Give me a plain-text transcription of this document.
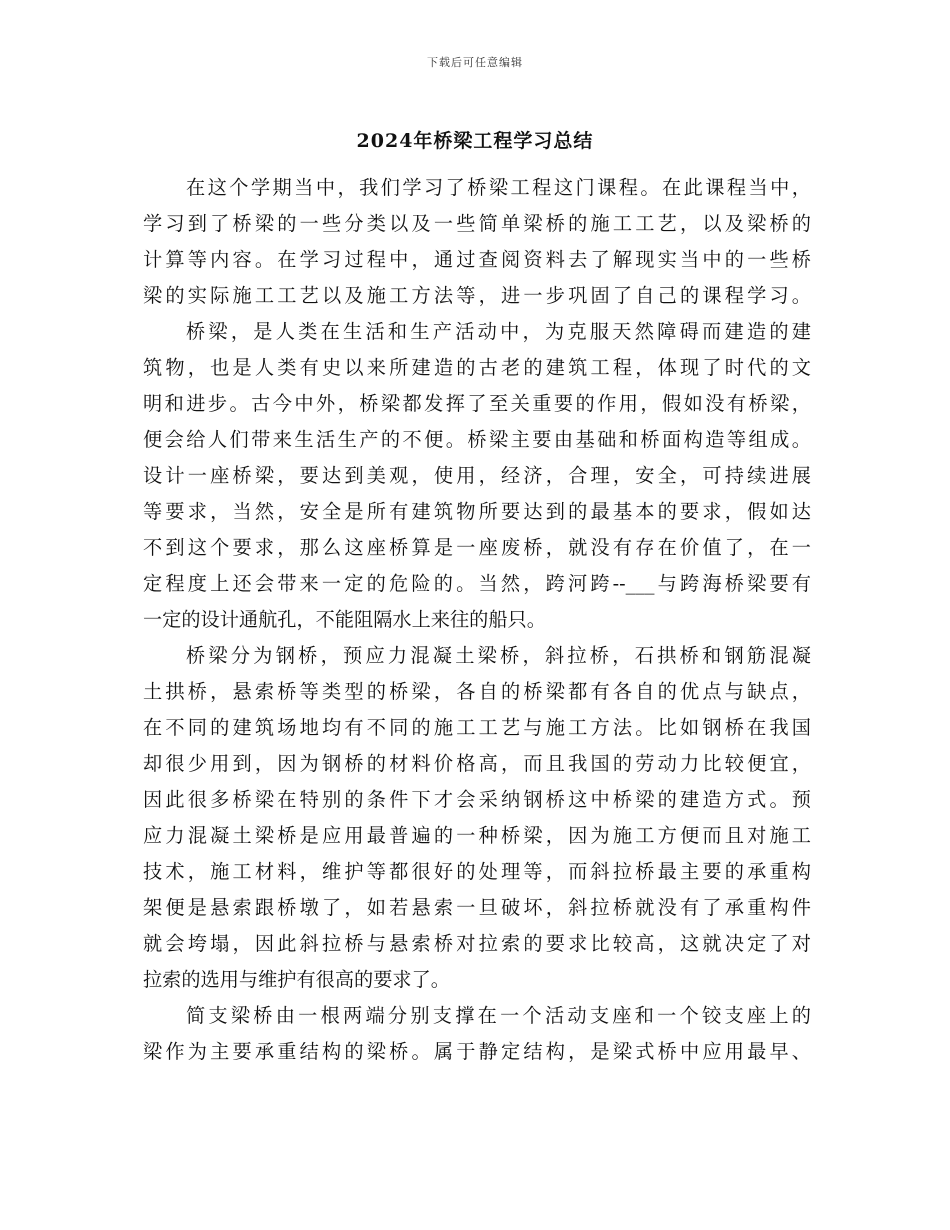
下载后可任意编辑
2024年桥梁工程学习总结
在这个学期当中，我们学习了桥梁工程这门课程。在此课程当中，
学习到了桥梁的一些分类以及一些简单梁桥的施工工艺，以及梁桥的
计算等内容。在学习过程中，通过查阅资料去了解现实当中的一些桥
梁的实际施工工艺以及施工方法等，进一步巩固了自己的课程学习。
桥梁，是人类在生活和生产活动中，为克服天然障碍而建造的建
筑物，也是人类有史以来所建造的古老的建筑工程，体现了时代的文
明和进步。古今中外，桥梁都发挥了至关重要的作用，假如没有桥梁，
便会给人们带来生活生产的不便。桥梁主要由基础和桥面构造等组成。
设计一座桥梁，要达到美观，使用，经济，合理，安全，可持续进展
等要求，当然，安全是所有建筑物所要达到的最基本的要求，假如达
不到这个要求，那么这座桥算是一座废桥，就没有存在价值了，在一
定程度上还会带来一定的危险的。当然，跨河跨--___与跨海桥梁要有
一定的设计通航孔，不能阻隔水上来往的船只。
桥梁分为钢桥，预应力混凝土梁桥，斜拉桥，石拱桥和钢筋混凝
土拱桥，悬索桥等类型的桥梁，各自的桥梁都有各自的优点与缺点，
在不同的建筑场地均有不同的施工工艺与施工方法。比如钢桥在我国
却很少用到，因为钢桥的材料价格高，而且我国的劳动力比较便宜，
因此很多桥梁在特别的条件下才会采纳钢桥这中桥梁的建造方式。预
应力混凝土梁桥是应用最普遍的一种桥梁，因为施工方便而且对施工
技术，施工材料，维护等都很好的处理等，而斜拉桥最主要的承重构
架便是悬索跟桥墩了，如若悬索一旦破坏，斜拉桥就没有了承重构件
就会垮塌，因此斜拉桥与悬索桥对拉索的要求比较高，这就决定了对
拉索的选用与维护有很高的要求了。
简支梁桥由一根两端分别支撑在一个活动支座和一个铰支座上的
梁作为主要承重结构的梁桥。属于静定结构，是梁式桥中应用最早、
